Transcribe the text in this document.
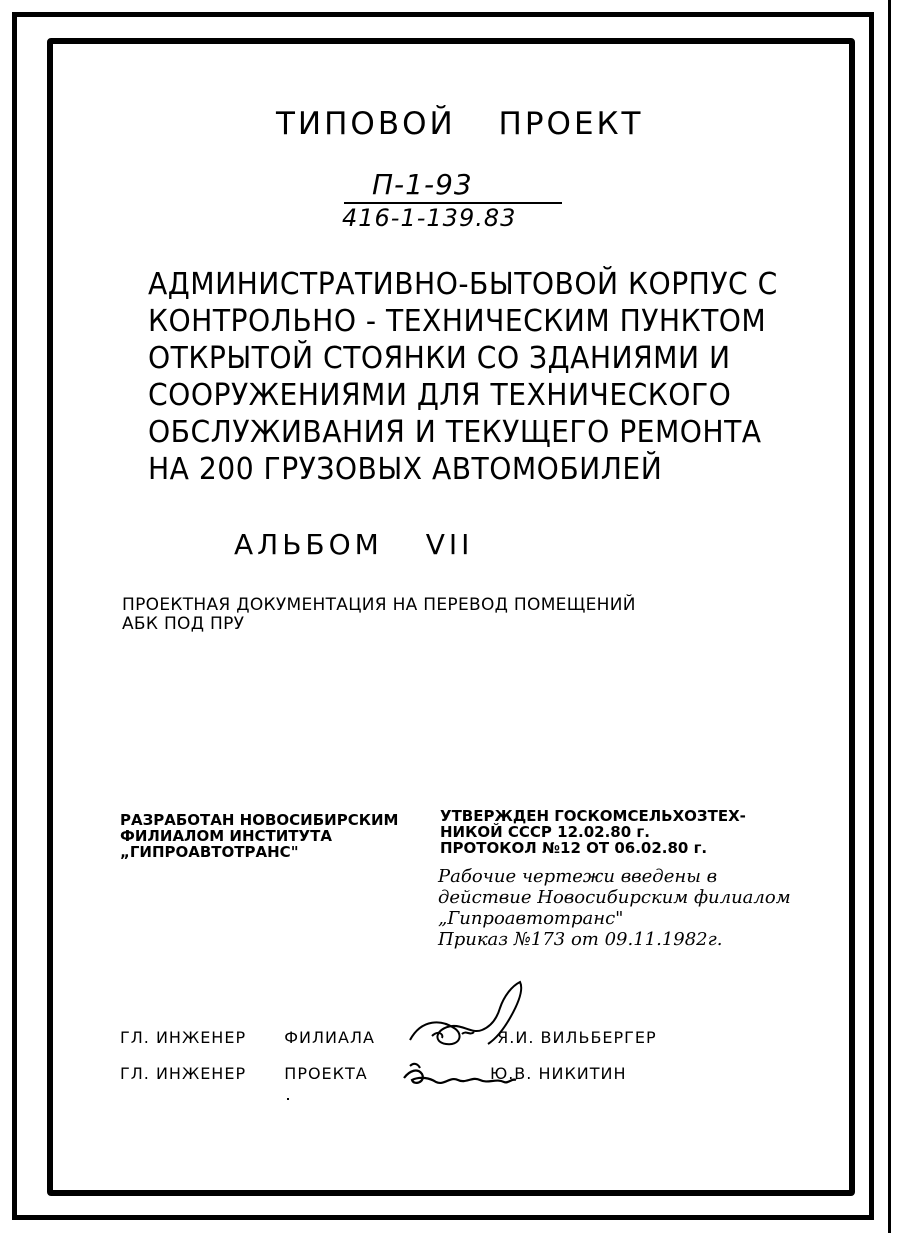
ТИПОВОЙ ПРОЕКТ
П-1-93
416-1-139.83
АДМИНИСТРАТИВНО-БЫТОВОЙ КОРПУС С
КОНТРОЛЬНО - ТЕХНИЧЕСКИМ ПУНКТОМ
ОТКРЫТОЙ СТОЯНКИ СО ЗДАНИЯМИ И
СООРУЖЕНИЯМИ ДЛЯ ТЕХНИЧЕСКОГО
ОБСЛУЖИВАНИЯ И ТЕКУЩЕГО РЕМОНТА
НА 200 ГРУЗОВЫХ АВТОМОБИЛЕЙ
АЛЬБОМ VII
ПРОЕКТНАЯ ДОКУМЕНТАЦИЯ НА ПЕРЕВОД ПОМЕЩЕНИЙ
АБК ПОД ПРУ
РАЗРАБОТАН НОВОСИБИРСКИМ
ФИЛИАЛОМ ИНСТИТУТА
„ГИПРОАВТОТРАНС"
УТВЕРЖДЕН ГОСКОМСЕЛЬХОЗТЕХ-
НИКОЙ СССР 12.02.80 г.
ПРОТОКОЛ №12 ОТ 06.02.80 г.
Рабочие чертежи введены в
действие Новосибирским филиалом
„Гипроавтотранс"
Приказ №173 от 09.11.1982г.
ГЛ. ИНЖЕНЕР ФИЛИАЛА	Я.И. ВИЛЬБЕРГЕР
ГЛ. ИНЖЕНЕР ПРОЕКТА	Ю.В. НИКИТИН
